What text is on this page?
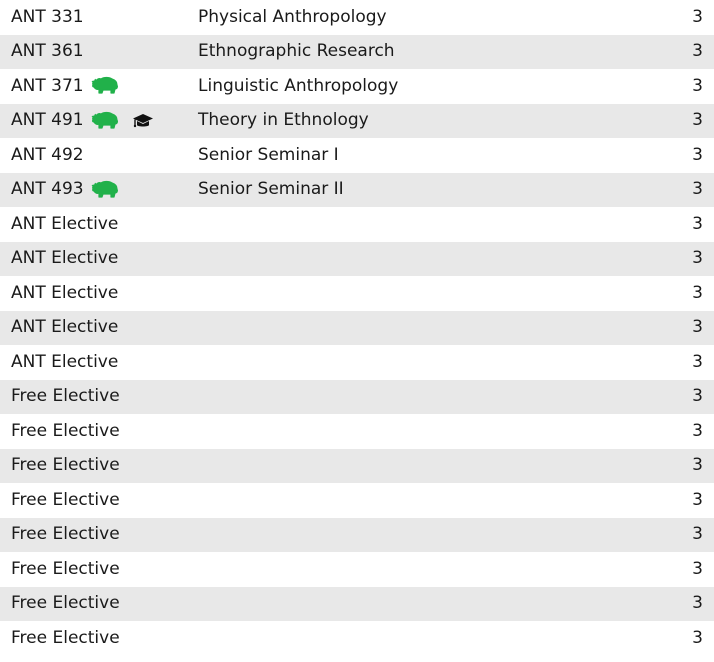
ANT 331	Physical Anthropology	3

ANT 361	Ethnographic Research	3

ANT 371	Linguistic Anthropology	3

ANT 491	Theory in Ethnology	3

ANT 492	Senior Seminar I	3

ANT 493	Senior Seminar II	3

ANT Elective		3

ANT Elective		3

ANT Elective		3

ANT Elective		3

ANT Elective		3

Free Elective		3

Free Elective		3

Free Elective		3

Free Elective		3

Free Elective		3

Free Elective		3

Free Elective		3

Free Elective		3
